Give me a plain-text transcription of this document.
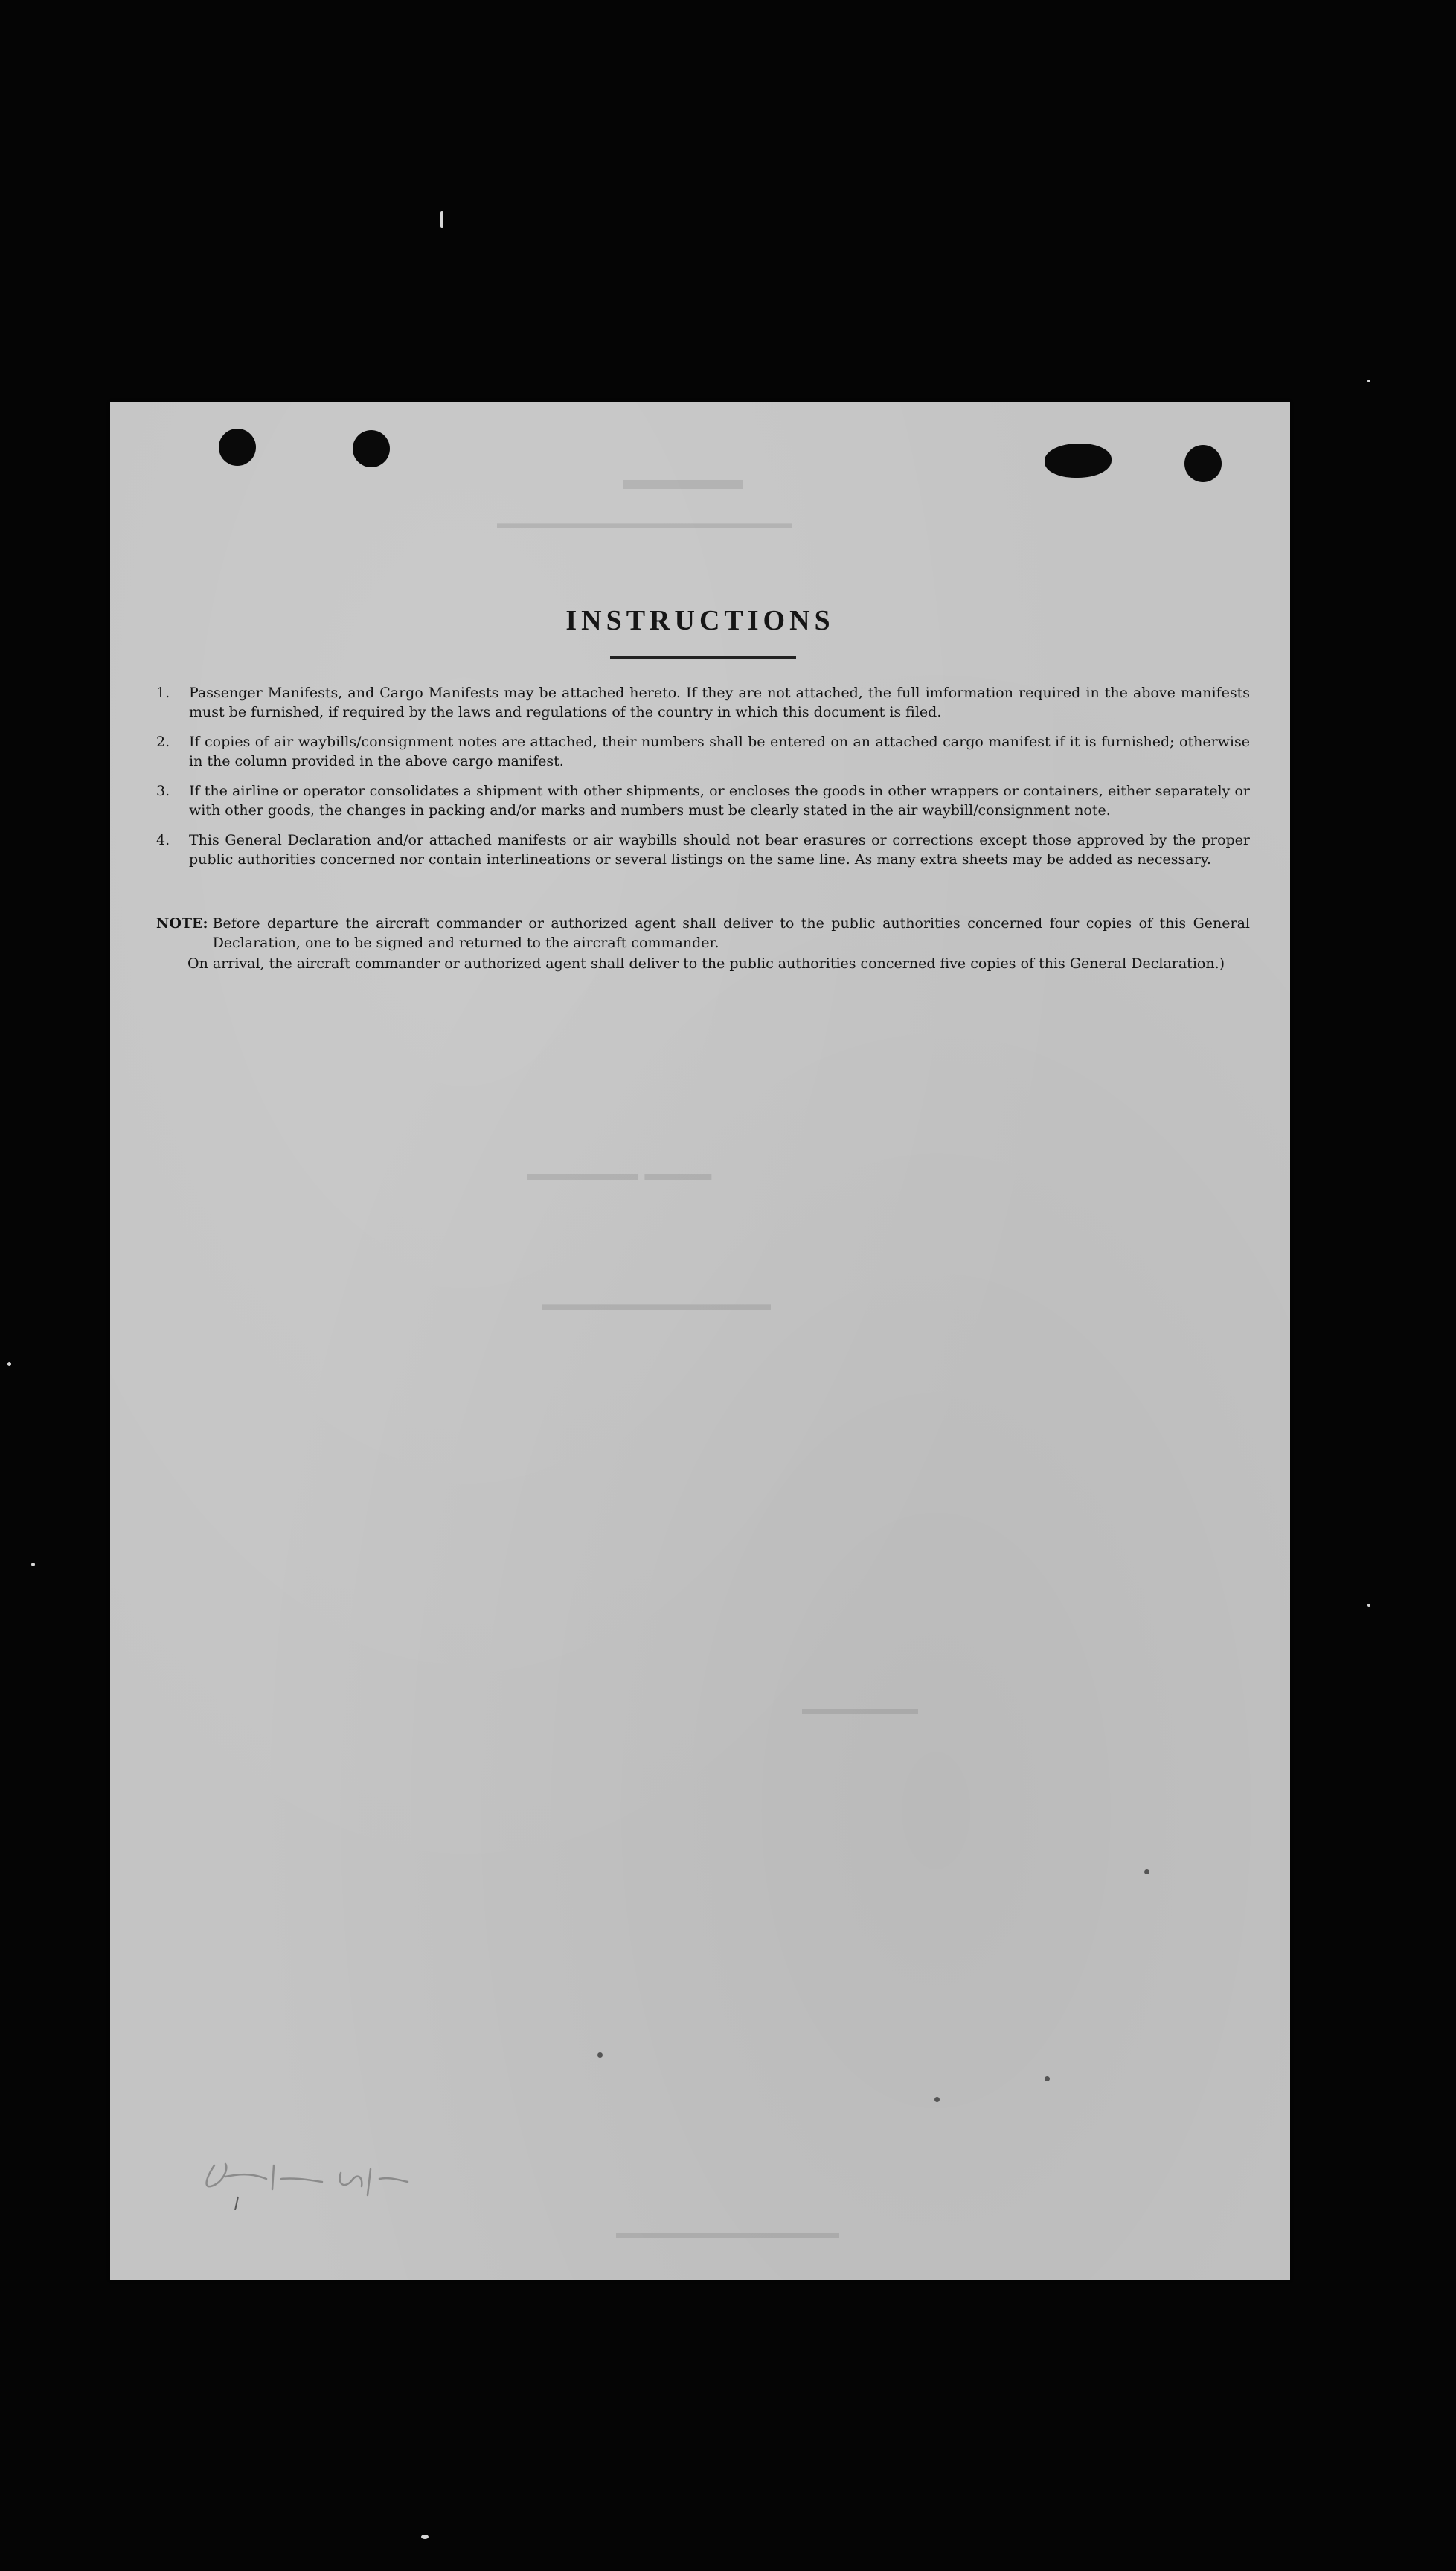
▬▬▬▬
▬▬▬▬▬▬▬▬▬▬▬▬▬▬▬▬▬▬
▬▬▬▬▬ ▬▬▬
▬▬▬▬▬▬▬▬▬▬▬▬▬▬
▬▬▬▬▬▬
▬▬▬▬▬▬▬▬▬▬▬▬▬▬▬
INSTRUCTIONS
1.	Passenger Manifests, and Cargo Manifests may be attached hereto. If they are not attached, the full imformation required in the above manifests must be furnished, if required by the laws and regulations of the country in which this document is filed.
2.	If copies of air waybills/consignment notes are attached, their numbers shall be entered on an attached cargo manifest if it is furnished; otherwise in the column provided in the above cargo manifest.
3.	If the airline or operator consolidates a shipment with other shipments, or encloses the goods in other wrappers or containers, either separately or with other goods, the changes in packing and/or marks and numbers must be clearly stated in the air waybill/consignment note.
4.	This General Declaration and/or attached manifests or air waybills should not bear erasures or corrections except those approved by the proper public authorities concerned nor contain interlineations or several listings on the same line. As many extra sheets may be added as necessary.
NOTE: Before departure the aircraft commander or authorized agent shall deliver to the public authorities concerned four copies of this General Declaration, one to be signed and returned to the aircraft commander.
On arrival, the aircraft commander or authorized agent shall deliver to the public authorities concerned five copies of this General Declaration.)
